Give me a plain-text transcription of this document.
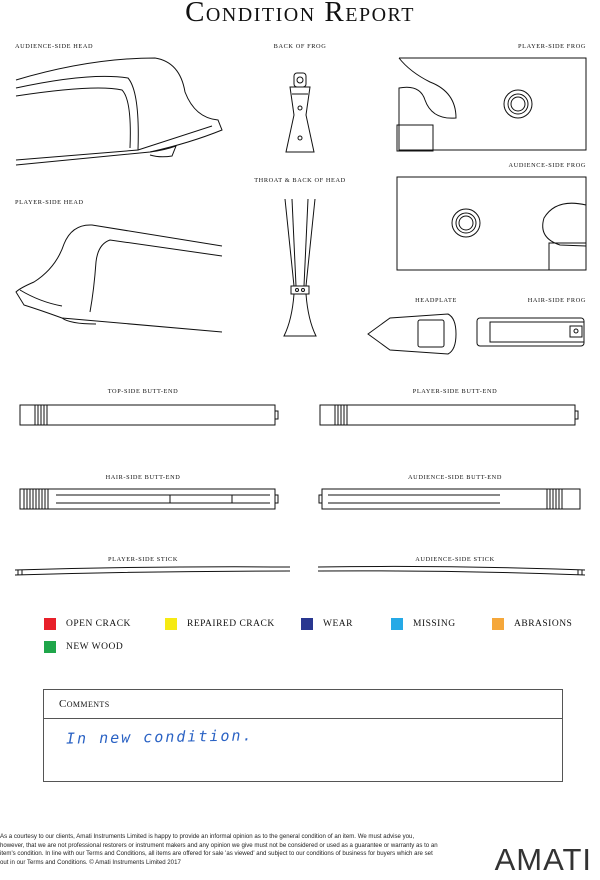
Condition Report
AUDIENCE-SIDE HEAD	BACK OF FROG	PLAYER-SIDE FROG
AUDIENCE-SIDE FROG
PLAYER-SIDE HEAD
THROAT & BACK OF HEAD
HEADPLATE	HAIR-SIDE FROG
TOP-SIDE BUTT-END	PLAYER-SIDE BUTT-END
HAIR-SIDE BUTT-END	AUDIENCE-SIDE BUTT-END
PLAYER-SIDE STICK	AUDIENCE-SIDE STICK
OPEN CRACK	REPAIRED CRACK	WEAR	MISSING	ABRASIONS
NEW WOOD
Comments
In new condition.
As a courtesy to our clients, Amati Instruments Limited is happy to provide an informal opinion as to the general condition of an item. We must advise you, however, that we are not professional restorers or instrument makers and any opinion we give must not be considered or used as a guarantee or warranty as to an item's condition. In line with our Terms and Conditions, all items are offered for sale 'as viewed' and subject to our conditions of business for buyers which are set out in our Terms and Conditions. © Amati Instruments Limited 2017	AMATI
